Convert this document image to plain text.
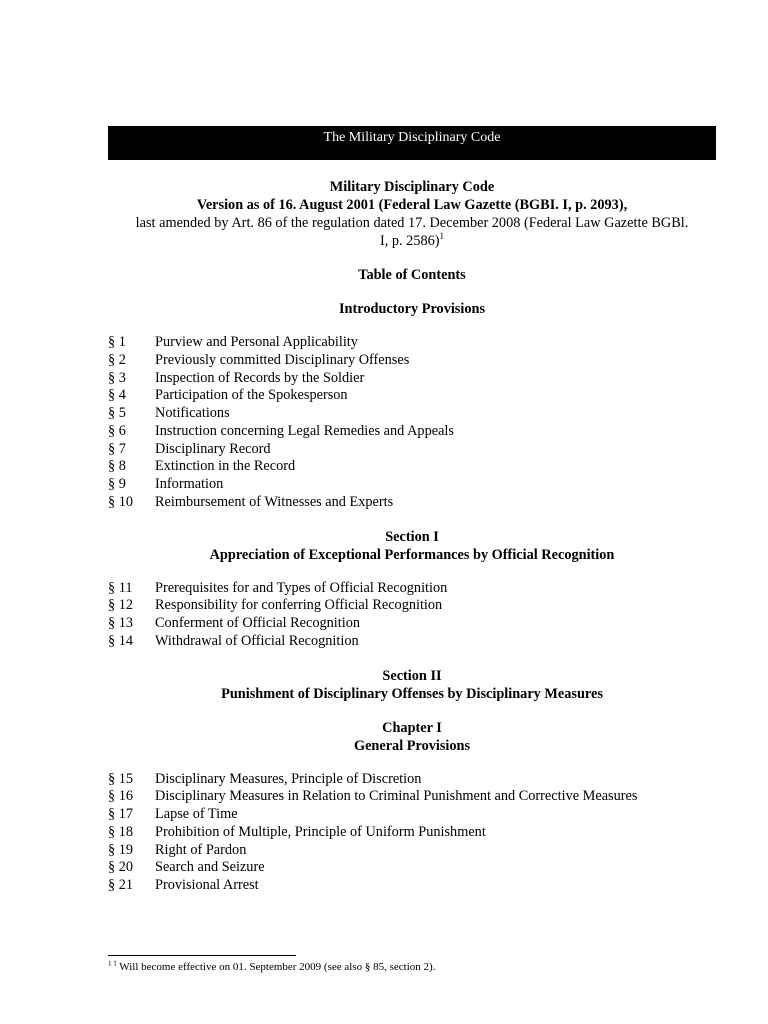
The Military Disciplinary Code
Military Disciplinary Code
Version as of 16. August 2001 (Federal Law Gazette (BGBI. I, p. 2093),
last amended by Art. 86 of the regulation dated 17. December 2008 (Federal Law Gazette BGBl.
I, p. 2586)$^1$
Table of Contents
Introductory Provisions
§ 1	Purview and Personal Applicability
§ 2	Previously committed Disciplinary Offenses
§ 3	Inspection of Records by the Soldier
§ 4	Participation of the Spokesperson
§ 5	Notifications
§ 6	Instruction concerning Legal Remedies and Appeals
§ 7	Disciplinary Record
§ 8	Extinction in the Record
§ 9	Information
§ 10	Reimbursement of Witnesses and Experts
Section I
Appreciation of Exceptional Performances by Official Recognition
§ 11	Prerequisites for and Types of Official Recognition
§ 12	Responsibility for conferring Official Recognition
§ 13	Conferment of Official Recognition
§ 14	Withdrawal of Official Recognition
Section II
Punishment of Disciplinary Offenses by Disciplinary Measures
Chapter I
General Provisions
§ 15	Disciplinary Measures, Principle of Discretion
§ 16	Disciplinary Measures in Relation to Criminal Punishment and Corrective Measures
§ 17	Lapse of Time
§ 18	Prohibition of Multiple, Principle of Uniform Punishment
§ 19	Right of Pardon
§ 20	Search and Seizure
§ 21	Provisional Arrest
$^{1 1}$ Will become effective on 01. September 2009 (see also § 85, section 2).
